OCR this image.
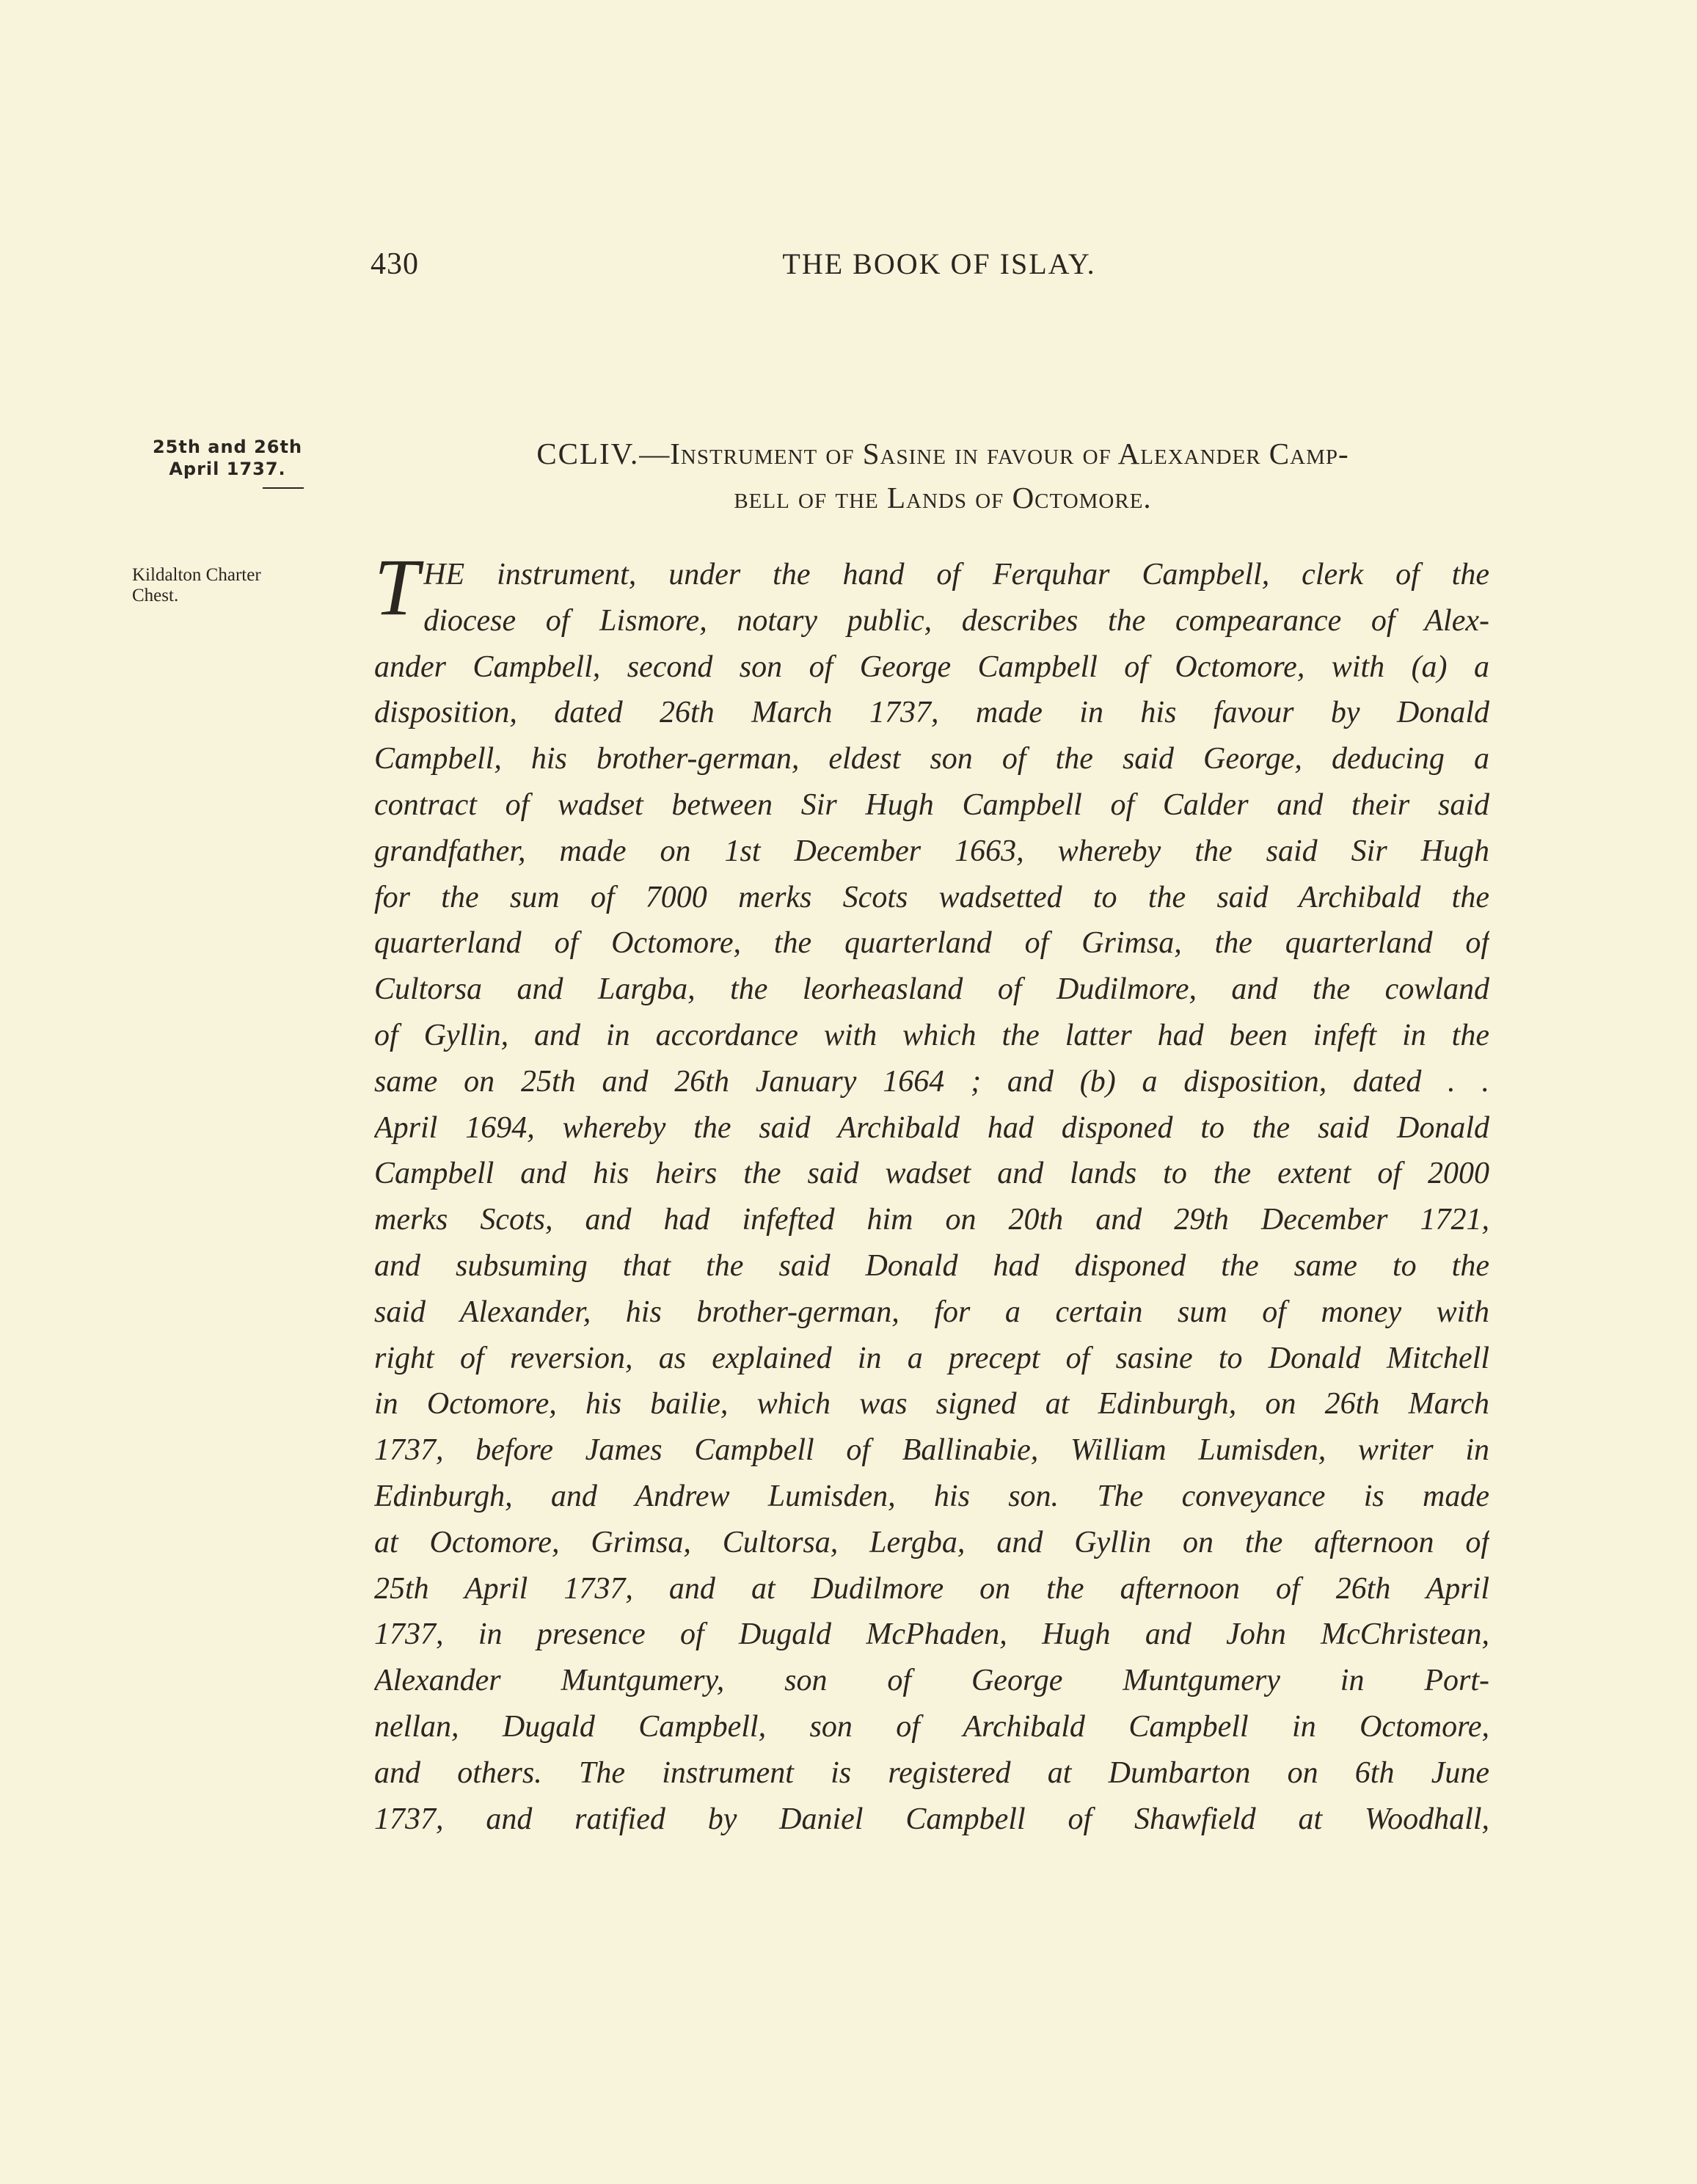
430	THE BOOK OF ISLAY.
25th and 26th
April 1737.
Kildalton Charter
Chest.
CCLIV.—Instrument of Sasine in favour of Alexander Camp-
bell of the Lands of Octomore.
T HE instrument, under the hand of Ferquhar Campbell, clerk of the
diocese of Lismore, notary public, describes the compearance of Alex-
ander Campbell, second son of George Campbell of Octomore, with (a) a
disposition, dated 26th March 1737, made in his favour by Donald
Campbell, his brother-german, eldest son of the said George, deducing a
contract of wadset between Sir Hugh Campbell of Calder and their said
grandfather, made on 1st December 1663, whereby the said Sir Hugh
for the sum of 7000 merks Scots wadsetted to the said Archibald the
quarterland of Octomore, the quarterland of Grimsa, the quarterland of
Cultorsa and Largba, the leorheasland of Dudilmore, and the cowland
of Gyllin, and in accordance with which the latter had been infeft in the
same on 25th and 26th January 1664 ; and (b) a disposition, dated . .
April 1694, whereby the said Archibald had disponed to the said Donald
Campbell and his heirs the said wadset and lands to the extent of 2000
merks Scots, and had infefted him on 20th and 29th December 1721,
and subsuming that the said Donald had disponed the same to the
said Alexander, his brother-german, for a certain sum of money with
right of reversion, as explained in a precept of sasine to Donald Mitchell
in Octomore, his bailie, which was signed at Edinburgh, on 26th March
1737, before James Campbell of Ballinabie, William Lumisden, writer in
Edinburgh, and Andrew Lumisden, his son. The conveyance is made
at Octomore, Grimsa, Cultorsa, Lergba, and Gyllin on the afternoon of
25th April 1737, and at Dudilmore on the afternoon of 26th April
1737, in presence of Dugald McPhaden, Hugh and John McChristean,
Alexander Muntgumery, son of George Muntgumery in Port-
nellan, Dugald Campbell, son of Archibald Campbell in Octomore,
and others. The instrument is registered at Dumbarton on 6th June
1737, and ratified by Daniel Campbell of Shawfield at Woodhall,
